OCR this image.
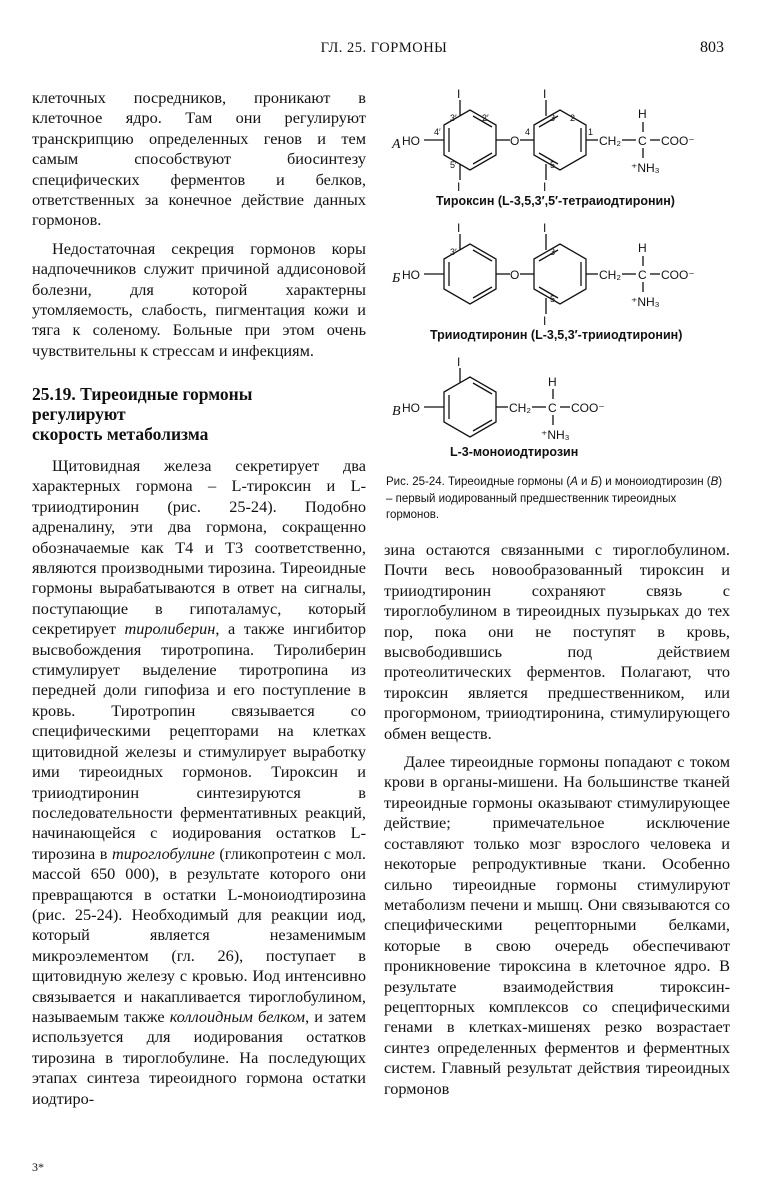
ГЛ. 25. ГОРМОНЫ	803

клеточных посредников, проникают в клеточное ядро. Там они регулируют транскрипцию определенных генов и тем самым способствуют биосинтезу специфических ферментов и белков, ответственных за конечное действие данных гормонов.

Недостаточная секреция гормонов коры надпочечников служит причиной аддисоновой болезни, для которой характерны утомляемость, слабость, пигментация кожи и тяга к соленому. Больные при этом очень чувствительны к стрессам и инфекциям.

25.19. Тиреоидные гормоны
регулируют
скорость метаболизма

Щитовидная железа секретирует два характерных гормона – L-тироксин и L-трииодтиронин (рис. 25-24). Подобно адреналину, эти два гормона, сокращенно обозначаемые как T4 и T3 соответственно, являются производными тирозина. Тиреоидные гормоны вырабатываются в ответ на сигналы, поступающие в гипоталамус, который секретирует тиролиберин, а также ингибитор высвобождения тиротропина. Тиролиберин стимулирует выделение тиротропина из передней доли гипофиза и его поступление в кровь. Тиротропин связывается со специфическими рецепторами на клетках щитовидной железы и стимулирует выработку ими тиреоидных гормонов. Тироксин и трииодтиронин синтезируются в последовательности ферментативных реакций, начинающейся с иодирования остатков L-тирозина в тироглобулине (гликопротеин с мол. массой 650 000), в результате которого они превращаются в остатки L-моноиодтирозина (рис. 25-24). Необходимый для реакции иод, который является незаменимым микроэлементом (гл. 26), поступает в щитовидную железу с кровью. Иод интенсивно связывается и накапливается тироглобулином, называемым также коллоидным белком, и затем используется для иодирования остатков тирозина в тироглобулине. На последующих этапах синтеза тиреоидного гормона остатки иодтиро-

А HO	O
I
I
I
I
3′	2′
4′
5′
3 2
4	1
5
CH₂
H
C COO⁻
⁺NH₃
Тироксин (L-3,5,3′,5′-тетраиодтиронин)
Б HO	O
I	I
I
3′	3
5
CH₂
H
C COO⁻
⁺NH₃
Трииодтиронин (L-3,5,3′-трииодтиронин)
В HO
I
CH₂
H
C COO⁻
⁺NH₃
L-3-моноиодтирозин
Рис. 25-24. Тиреоидные гормоны (А и Б) и моноиодтирозин (В) – первый иодированный предшественник тиреоидных гормонов.

зина остаются связанными с тироглобулином. Почти весь новообразованный тироксин и трииодтиронин сохраняют связь с тироглобулином в тиреоидных пузырьках до тех пор, пока они не поступят в кровь, высвободившись под действием протеолитических ферментов. Полагают, что тироксин является предшественником, или прогормоном, трииодтиронина, стимулирующего обмен веществ.

Далее тиреоидные гормоны попадают с током крови в органы-мишени. На большинстве тканей тиреоидные гормоны оказывают стимулирующее действие; примечательное исключение составляют только мозг взрослого человека и некоторые репродуктивные ткани. Особенно сильно тиреоидные гормоны стимулируют метаболизм печени и мышц. Они связываются со специфическими рецепторными белками, которые в свою очередь обеспечивают проникновение тироксина в клеточное ядро. В результате взаимодействия тироксин-рецепторных комплексов со специфическими генами в клетках-мишенях резко возрастает синтез определенных ферментов и ферментных систем. Главный результат действия тиреоидных гормонов

3*
